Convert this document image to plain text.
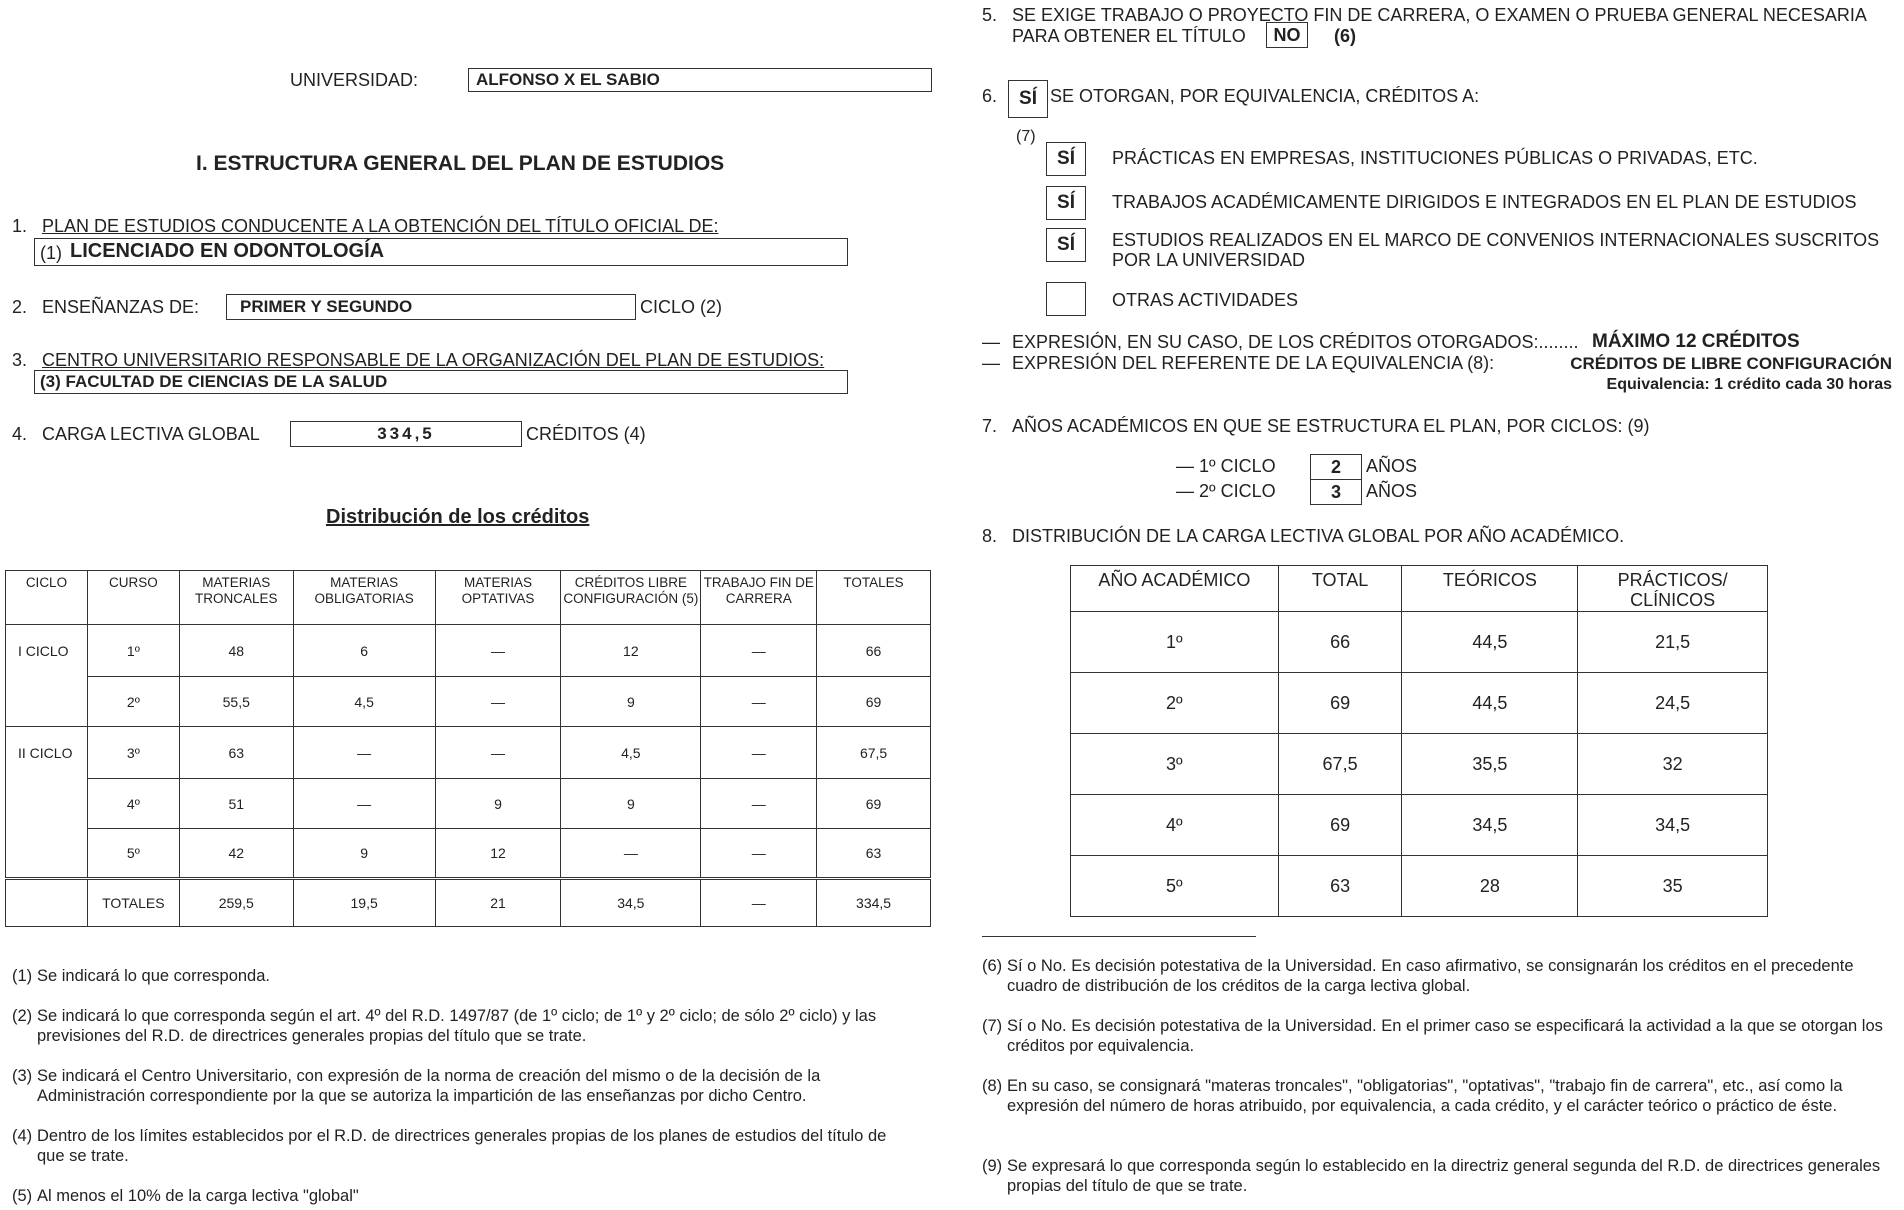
UNIVERSIDAD:	ALFONSO X EL SABIO
I. ESTRUCTURA GENERAL DEL PLAN DE ESTUDIOS
1. PLAN DE ESTUDIOS CONDUCENTE A LA OBTENCIÓN DEL TÍTULO OFICIAL DE:
(1) LICENCIADO EN ODONTOLOGÍA
2. ENSEÑANZAS DE: PRIMER Y SEGUNDO	CICLO (2)
3. CENTRO UNIVERSITARIO RESPONSABLE DE LA ORGANIZACIÓN DEL PLAN DE ESTUDIOS:
(3) FACULTAD DE CIENCIAS DE LA SALUD
4. CARGA LECTIVA GLOBAL	334,5	CRÉDITOS (4)
Distribución de los créditos
CICLO	CURSO	MATERIAS TRONCALES	MATERIAS OBLIGATORIAS	MATERIAS OPTATIVAS	CRÉDITOS LIBRE CONFIGURACIÓN (5)	TRABAJO FIN DE CARRERA	TOTALES
I CICLO	1º	48	6	—	12	—	66
	2º	55,5	4,5	—	9	—	69
II CICLO	3º	63	—	—	4,5	—	67,5
	4º	51	—	9	9	—	69
	5º	42	9	12	—	—	63
	TOTALES	259,5	19,5	21	34,5	—	334,5
(1) Se indicará lo que corresponda.
(2) Se indicará lo que corresponda según el art. 4º del R.D. 1497/87 (de 1º ciclo; de 1º y 2º ciclo; de sólo 2º ciclo) y las previsiones del R.D. de directrices generales propias del título que se trate.
(3) Se indicará el Centro Universitario, con expresión de la norma de creación del mismo o de la decisión de la Administración correspondiente por la que se autoriza la impartición de las enseñanzas por dicho Centro.
(4) Dentro de los límites establecidos por el R.D. de directrices generales propias de los planes de estudios del título de que se trate.
(5) Al menos el 10% de la carga lectiva "global"
5. SE EXIGE TRABAJO O PROYECTO FIN DE CARRERA, O EXAMEN O PRUEBA GENERAL NECESARIA
PARA OBTENER EL TÍTULO	NO	(6)
6.	SÍ SE OTORGAN, POR EQUIVALENCIA, CRÉDITOS A:
(7)
SÍ	PRÁCTICAS EN EMPRESAS, INSTITUCIONES PÚBLICAS O PRIVADAS, ETC.
SÍ	TRABAJOS ACADÉMICAMENTE DIRIGIDOS E INTEGRADOS EN EL PLAN DE ESTUDIOS
SÍ	ESTUDIOS REALIZADOS EN EL MARCO DE CONVENIOS INTERNACIONALES SUSCRITOS POR LA UNIVERSIDAD
OTRAS ACTIVIDADES
— EXPRESIÓN, EN SU CASO, DE LOS CRÉDITOS OTORGADOS:........ MÁXIMO 12 CRÉDITOS
— EXPRESIÓN DEL REFERENTE DE LA EQUIVALENCIA (8):	CRÉDITOS DE LIBRE CONFIGURACIÓN
Equivalencia: 1 crédito cada 30 horas
7. AÑOS ACADÉMICOS EN QUE SE ESTRUCTURA EL PLAN, POR CICLOS: (9)
— 1º CICLO	2	AÑOS
— 2º CICLO	3	AÑOS
8. DISTRIBUCIÓN DE LA CARGA LECTIVA GLOBAL POR AÑO ACADÉMICO.
AÑO ACADÉMICO	TOTAL	TEÓRICOS	PRÁCTICOS/ CLÍNICOS
1º	66	44,5	21,5
2º	69	44,5	24,5
3º	67,5	35,5	32
4º	69	34,5	34,5
5º	63	28	35
(6) Sí o No. Es decisión potestativa de la Universidad. En caso afirmativo, se consignarán los créditos en el precedente cuadro de distribución de los créditos de la carga lectiva global.
(7) Sí o No. Es decisión potestativa de la Universidad. En el primer caso se especificará la actividad a la que se otorgan los créditos por equivalencia.
(8) En su caso, se consignará "materas troncales", "obligatorias", "optativas", "trabajo fin de carrera", etc., así como la expresión del número de horas atribuido, por equivalencia, a cada crédito, y el carácter teórico o práctico de éste.
(9) Se expresará lo que corresponda según lo establecido en la directriz general segunda del R.D. de directrices generales propias del título de que se trate.
